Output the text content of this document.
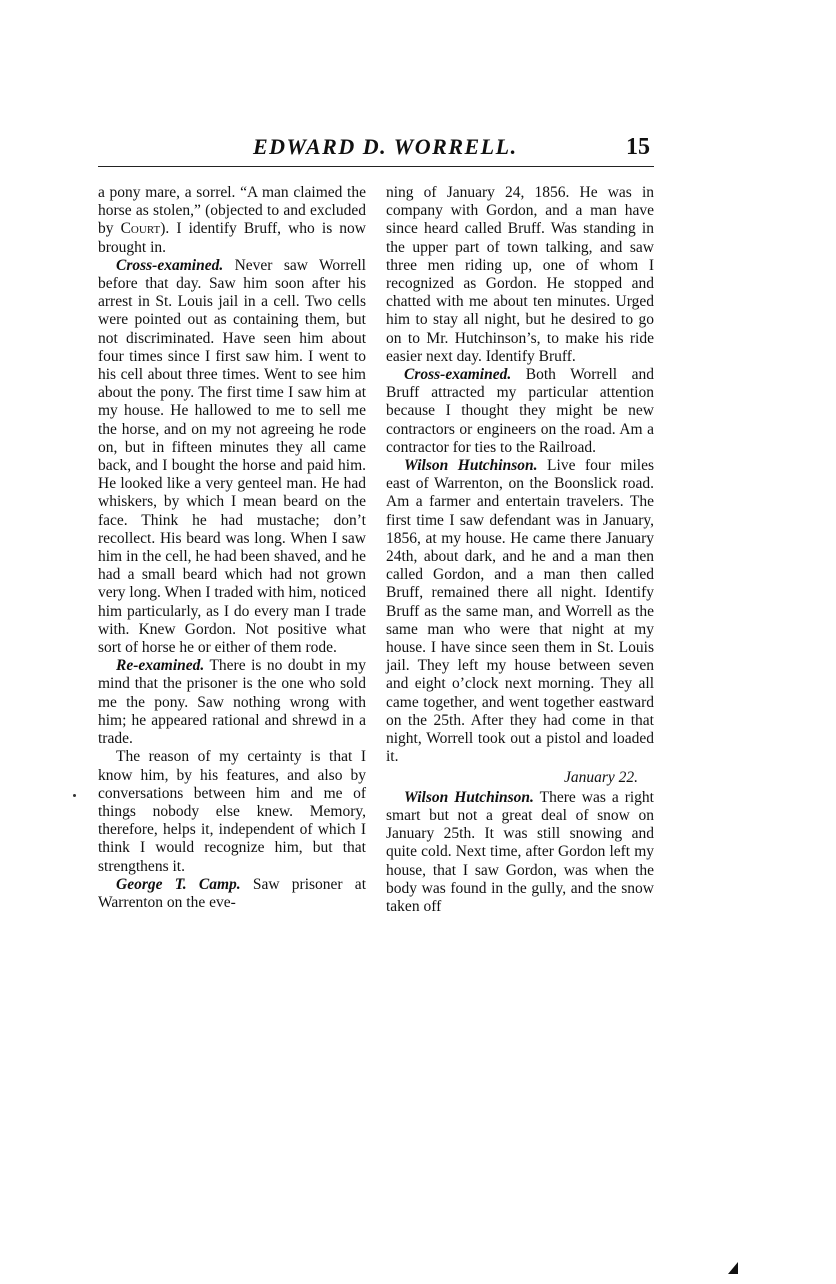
EDWARD D. WORRELL.	15

a pony mare, a sorrel. “A man claimed the horse as stolen,” (objected to and excluded by Court). I identify Bruff, who is now brought in.

Cross-examined. Never saw Worrell before that day. Saw him soon after his arrest in St. Louis jail in a cell. Two cells were pointed out as containing them, but not discriminated. Have seen him about four times since I first saw him. I went to his cell about three times. Went to see him about the pony. The first time I saw him at my house. He hallowed to me to sell me the horse, and on my not agreeing he rode on, but in fifteen minutes they all came back, and I bought the horse and paid him. He looked like a very genteel man. He had whiskers, by which I mean beard on the face. Think he had mustache; don’t recollect. His beard was long. When I saw him in the cell, he had been shaved, and he had a small beard which had not grown very long. When I traded with him, noticed him particularly, as I do every man I trade with. Knew Gordon. Not positive what sort of horse he or either of them rode.

Re-examined. There is no doubt in my mind that the prisoner is the one who sold me the pony. Saw nothing wrong with him; he appeared rational and shrewd in a trade.

The reason of my certainty is that I know him, by his features, and also by conversations between him and me of things nobody else knew. Memory, therefore, helps it, independent of which I think I would recognize him, but that strengthens it.

George T. Camp. Saw prisoner at Warrenton on the eve-

ning of January 24, 1856. He was in company with Gordon, and a man have since heard called Bruff. Was standing in the upper part of town talking, and saw three men riding up, one of whom I recognized as Gordon. He stopped and chatted with me about ten minutes. Urged him to stay all night, but he desired to go on to Mr. Hutchinson’s, to make his ride easier next day. Identify Bruff.

Cross-examined. Both Worrell and Bruff attracted my particular attention because I thought they might be new contractors or engineers on the road. Am a contractor for ties to the Railroad.

Wilson Hutchinson. Live four miles east of Warrenton, on the Boonslick road. Am a farmer and entertain travelers. The first time I saw defendant was in January, 1856, at my house. He came there January 24th, about dark, and he and a man then called Gordon, and a man then called Bruff, remained there all night. Identify Bruff as the same man, and Worrell as the same man who were that night at my house. I have since seen them in St. Louis jail. They left my house between seven and eight o’clock next morning. They all came together, and went together eastward on the 25th. After they had come in that night, Worrell took out a pistol and loaded it.

January 22.

Wilson Hutchinson. There was a right smart but not a great deal of snow on January 25th. It was still snowing and quite cold. Next time, after Gordon left my house, that I saw Gordon, was when the body was found in the gully, and the snow taken off
